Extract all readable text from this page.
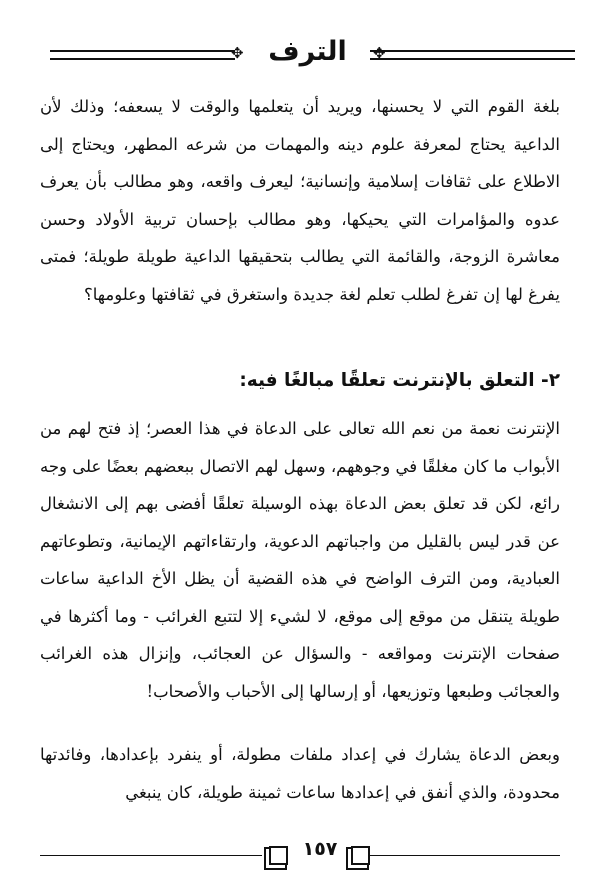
✥ الترف	✥
بلغة القوم التي لا يحسنها، ويريد أن يتعلمها والوقت لا يسعفه؛ وذلك لأن الداعية يحتاج لمعرفة علوم دينه والمهمات من شرعه المطهر، ويحتاج إلى الاطلاع على ثقافات إسلامية وإنسانية؛ ليعرف واقعه، وهو مطالب بأن يعرف عدوه والمؤامرات التي يحيكها، وهو مطالب بإحسان تربية الأولاد وحسن معاشرة الزوجة، والقائمة التي يطالب بتحقيقها الداعية طويلة طويلة؛ فمتى يفرغ لها إن تفرغ لطلب تعلم لغة جديدة واستغرق في ثقافتها وعلومها؟
٢- التعلق بالإنترنت تعلقًا مبالغًا فيه:
الإنترنت نعمة من نعم الله تعالى على الدعاة في هذا العصر؛ إذ فتح لهم من الأبواب ما كان مغلقًا في وجوههم، وسهل لهم الاتصال ببعضهم بعضًا على وجه رائع، لكن قد تعلق بعض الدعاة بهذه الوسيلة تعلقًا أفضى بهم إلى الانشغال عن قدر ليس بالقليل من واجباتهم الدعوية، وارتقاءاتهم الإيمانية، وتطوعاتهم العبادية، ومن الترف الواضح في هذه القضية أن يظل الأخ الداعية ساعات طويلة يتنقل من موقع إلى موقع، لا لشيء إلا لتتبع الغرائب - وما أكثرها في صفحات الإنترنت ومواقعه - والسؤال عن العجائب، وإنزال هذه الغرائب والعجائب وطبعها وتوزيعها، أو إرسالها إلى الأحباب والأصحاب!
وبعض الدعاة يشارك في إعداد ملفات مطولة، أو ينفرد بإعدادها، وفائدتها محدودة، والذي أنفق في إعدادها ساعات ثمينة طويلة، كان ينبغي
١٥٧
